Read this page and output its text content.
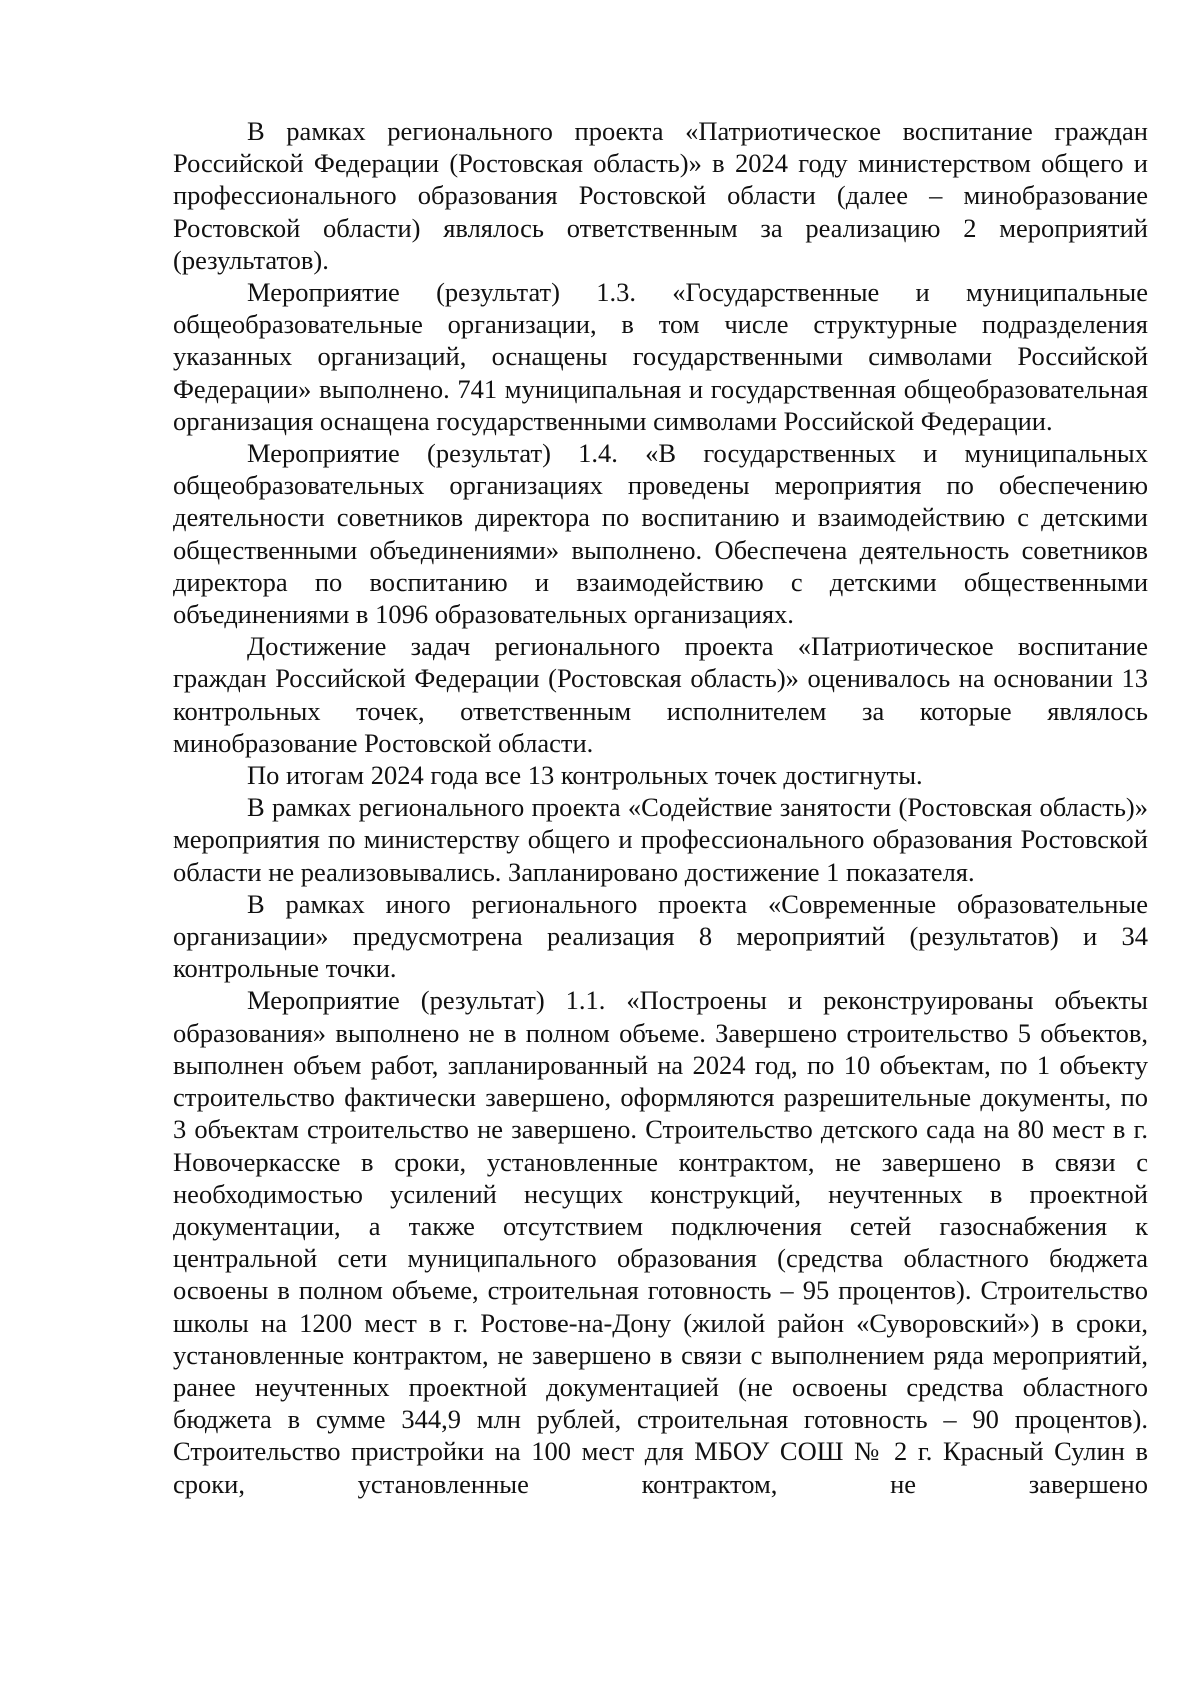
В рамках регионального проекта «Патриотическое воспитание граждан Российской Федерации (Ростовская область)» в 2024 году министерством общего и профессионального образования Ростовской области (далее – минобразование Ростовской области) являлось ответственным за реализацию 2 мероприятий (результатов).

Мероприятие (результат) 1.3. «Государственные и муниципальные общеобразовательные организации, в том числе структурные подразделения указанных организаций, оснащены государственными символами Российской Федерации» выполнено. 741 муниципальная и государственная общеобразовательная организация оснащена государственными символами Российской Федерации.

Мероприятие (результат) 1.4. «В государственных и муниципальных общеобразовательных организациях проведены мероприятия по обеспечению деятельности советников директора по воспитанию и взаимодействию с детскими общественными объединениями» выполнено. Обеспечена деятельность советников директора по воспитанию и взаимодействию с детскими общественными объединениями в 1096 образовательных организациях.

Достижение задач регионального проекта «Патриотическое воспитание граждан Российской Федерации (Ростовская область)» оценивалось на основании 13 контрольных точек, ответственным исполнителем за которые являлось минобразование Ростовской области.

По итогам 2024 года все 13 контрольных точек достигнуты.

В рамках регионального проекта «Содействие занятости (Ростовская область)» мероприятия по министерству общего и профессионального образования Ростовской области не реализовывались. Запланировано достижение 1 показателя.

В рамках иного регионального проекта «Современные образовательные организации» предусмотрена реализация 8 мероприятий (результатов) и 34 контрольные точки.

Мероприятие (результат) 1.1. «Построены и реконструированы объекты образования» выполнено не в полном объеме. Завершено строительство 5 объектов, выполнен объем работ, запланированный на 2024 год, по 10 объектам, по 1 объекту строительство фактически завершено, оформляются разрешительные документы, по 3 объектам строительство не завершено. Строительство детского сада на 80 мест в г. Новочеркасске в сроки, установленные контрактом, не завершено в связи с необходимостью усилений несущих конструкций, неучтенных в проектной документации, а также отсутствием подключения сетей газоснабжения к центральной сети муниципального образования (средства областного бюджета освоены в полном объеме, строительная готовность – 95 процентов). Строительство школы на 1200 мест в г. Ростове-на-Дону (жилой район «Суворовский») в сроки, установленные контрактом, не завершено в связи с выполнением ряда мероприятий, ранее неучтенных проектной документацией (не освоены средства областного бюджета в сумме 344,9 млн рублей, строительная готовность – 90 процентов). Строительство пристройки на 100 мест для МБОУ СОШ № 2 г. Красный Сулин в сроки, установленные контрактом, не завершено
